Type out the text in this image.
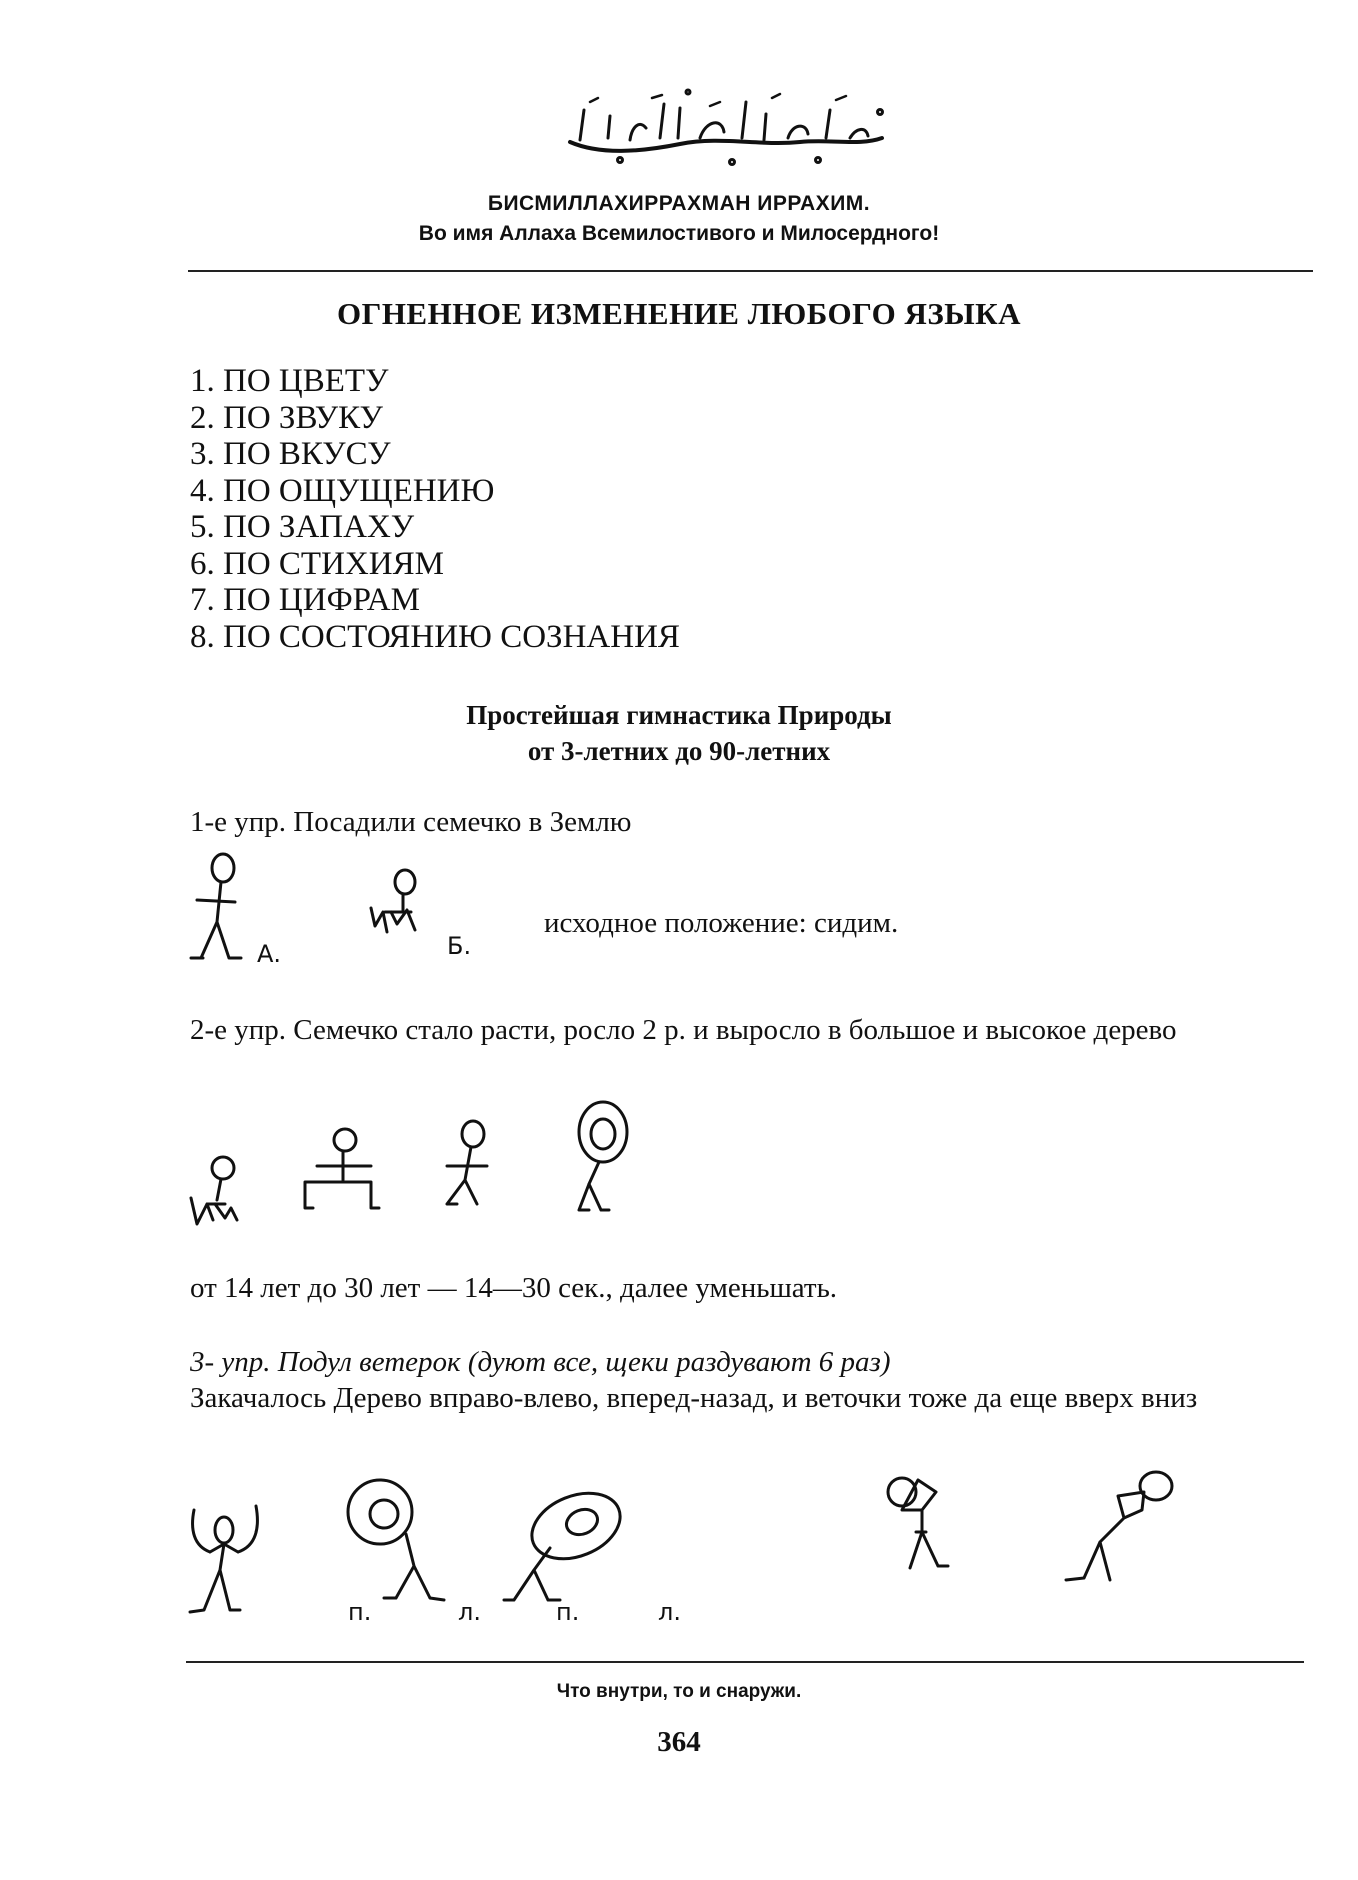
БИСМИЛЛАХИРРАХМАН ИРРАХИМ.
Во имя Аллаха Всемилостивого и Милосердного!
ОГНЕННОЕ ИЗМЕНЕНИЕ ЛЮБОГО ЯЗЫКА
1. ПО ЦВЕТУ
2. ПО ЗВУКУ
3. ПО ВКУСУ
4. ПО ОЩУЩЕНИЮ
5. ПО ЗАПАХУ
6. ПО СТИХИЯМ
7. ПО ЦИФРАМ
8. ПО СОСТОЯНИЮ СОЗНАНИЯ
Простейшая гимнастика Природы
от 3-летних до 90-летних
1-е упр. Посадили семечко в Землю
А.	Б.
исходное положение: сидим.
2-е упр. Семечко стало расти, росло 2 р. и выросло в большое и высокое дерево
от 14 лет до 30 лет — 14—30 сек., далее уменьшать.
3- упр. Подул ветерок (дуют все, щеки раздувают 6 раз)
Закачалось Дерево вправо-влево, вперед-назад, и веточки тоже да еще вверх вниз
п.	л.	п.	л.
Что внутри, то и снаружи.
364
